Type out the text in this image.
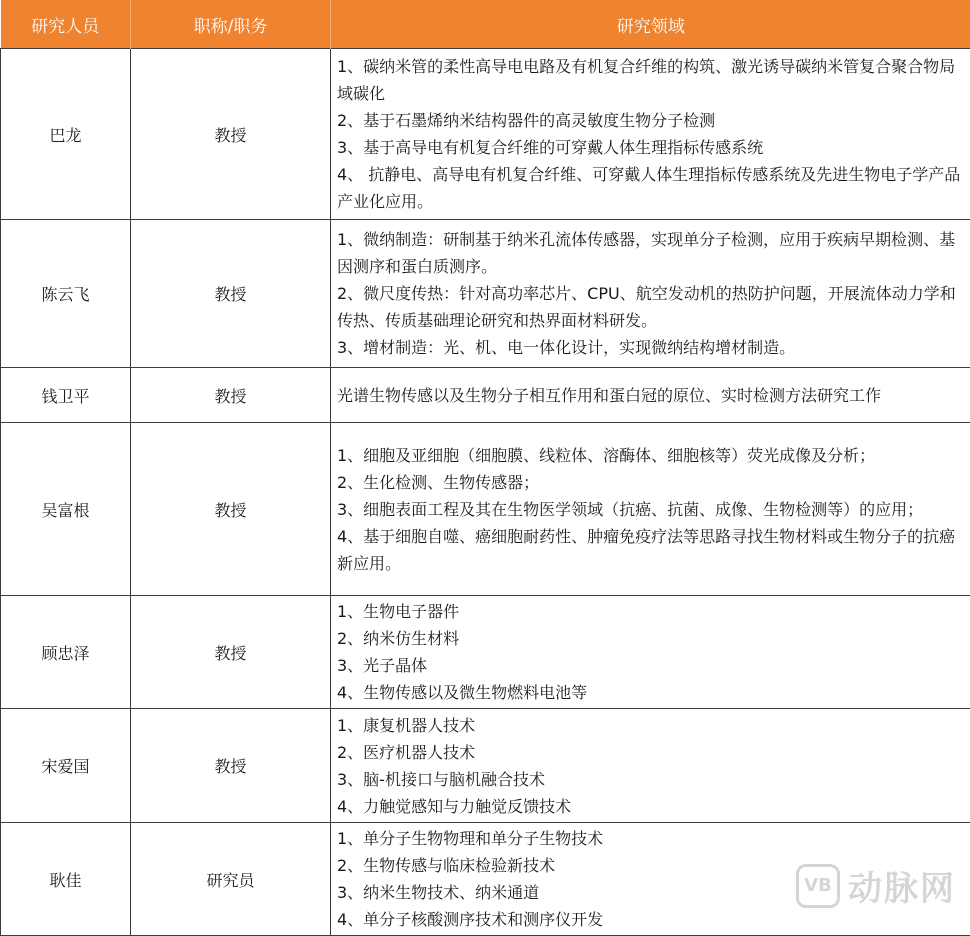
研究人员	职称/职务	研究领域
巴龙	教授	1、碳纳米管的柔性高导电电路及有机复合纤维的构筑、激光诱导碳纳米管复合聚合物局域碳化
2、基于石墨烯纳米结构器件的高灵敏度生物分子检测
3、基于高导电有机复合纤维的可穿戴人体生理指标传感系统
4、 抗静电、高导电有机复合纤维、可穿戴人体生理指标传感系统及先进生物电子学产品产业化应用。

陈云飞	教授	1、微纳制造：研制基于纳米孔流体传感器，实现单分子检测，应用于疾病早期检测、基因测序和蛋白质测序。
2、微尺度传热：针对高功率芯片、CPU、航空发动机的热防护问题，开展流体动力学和传热、传质基础理论研究和热界面材料研发。
3、增材制造：光、机、电一体化设计，实现微纳结构增材制造。

钱卫平	教授	光谱生物传感以及生物分子相互作用和蛋白冠的原位、实时检测方法研究工作

吴富根	教授	1、细胞及亚细胞（细胞膜、线粒体、溶酶体、细胞核等）荧光成像及分析；
2、生化检测、生物传感器；
3、细胞表面工程及其在生物医学领域（抗癌、抗菌、成像、生物检测等）的应用；
4、基于细胞自噬、癌细胞耐药性、肿瘤免疫疗法等思路寻找生物材料或生物分子的抗癌新应用。

顾忠泽	教授	1、生物电子器件
2、纳米仿生材料
3、光子晶体
4、生物传感以及微生物燃料电池等

宋爱国	教授	1、康复机器人技术
2、医疗机器人技术
3、脑-机接口与脑机融合技术
4、力触觉感知与力触觉反馈技术

耿佳	研究员	1、单分子生物物理和单分子生物技术
2、生物传感与临床检验新技术
3、纳米生物技术、纳米通道
4、单分子核酸测序技术和测序仪开发
VB 动脉网
